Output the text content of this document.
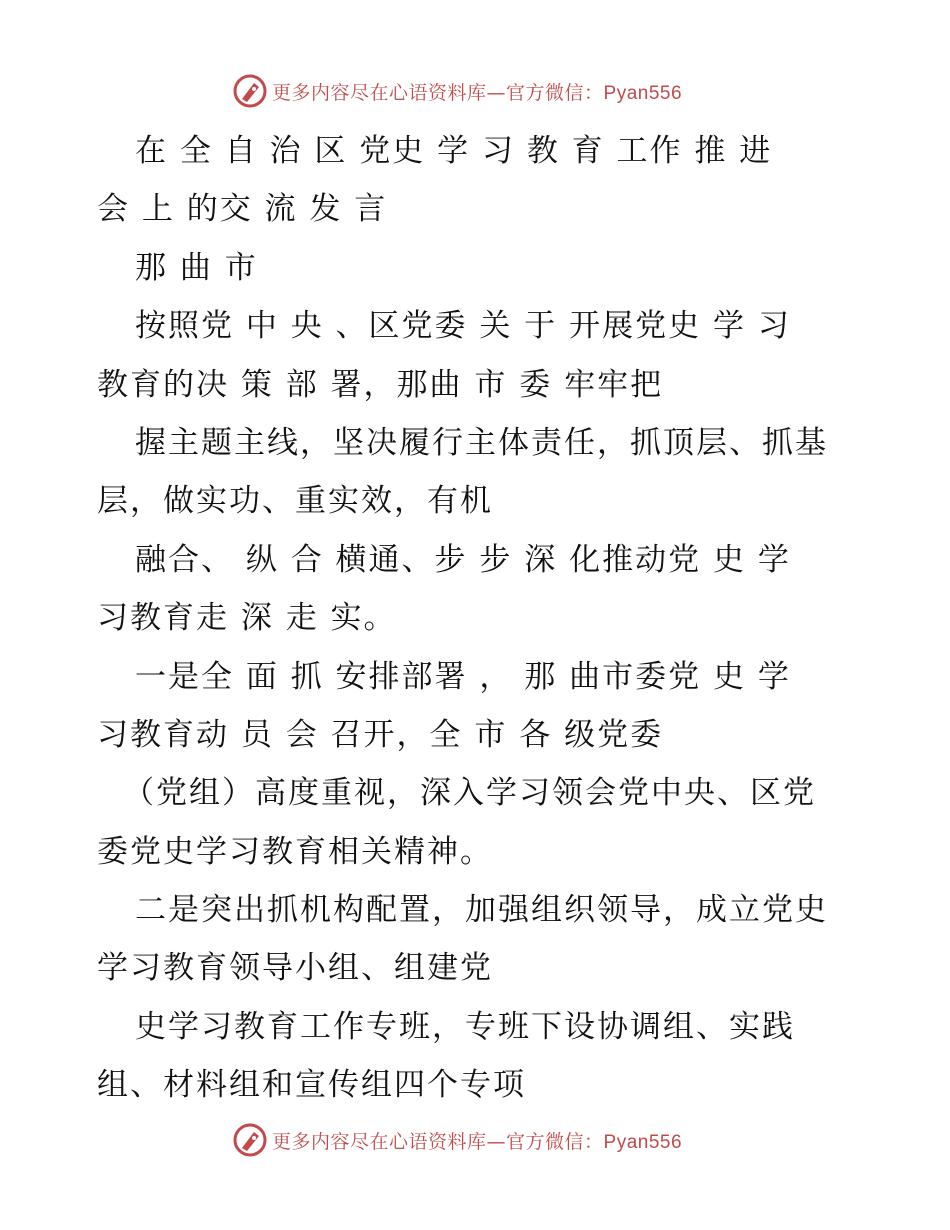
更多内容尽在心语资料库—官方微信：Pyan556
在 全 自 治 区 党史 学 习 教 育 工作 推 进
会 上 的交 流 发 言
那 曲 市
按照党 中 央 、区党委 关 于 开展党史 学 习
教育的决 策 部 署，那曲 市 委 牢牢把
握主题主线，坚决履行主体责任，抓顶层、抓基
层，做实功、重实效，有机
融合、 纵 合 横通、步 步 深 化推动党 史 学
习教育走 深 走 实。
一是全 面 抓 安排部署 ， 那 曲市委党 史 学
习教育动 员 会 召开，全 市 各 级党委
（党组）高度重视，深入学习领会党中央、区党
委党史学习教育相关精神。
二是突出抓机构配置，加强组织领导，成立党史
学习教育领导小组、组建党
史学习教育工作专班，专班下设协调组、实践
组、材料组和宣传组四个专项
更多内容尽在心语资料库—官方微信：Pyan556
